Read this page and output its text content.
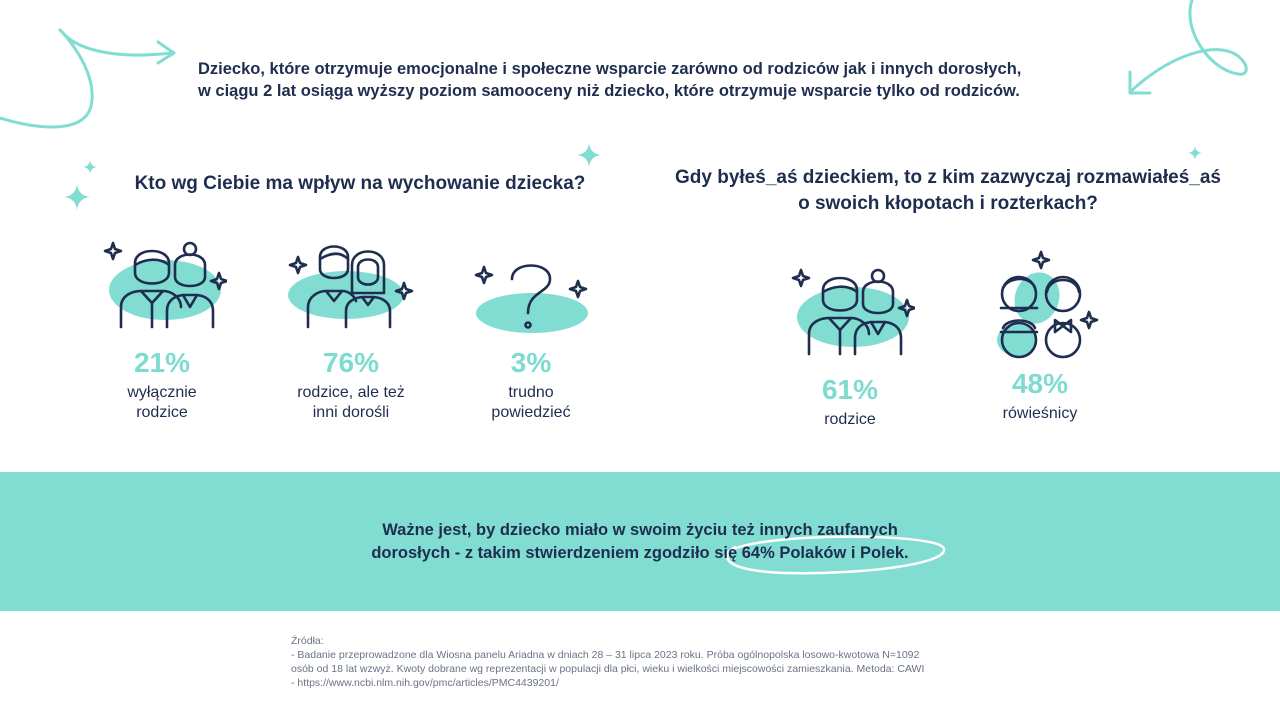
Dziecko, które otrzymuje emocjonalne i społeczne wsparcie zarówno od rodziców jak i innych dorosłych,
w ciągu 2 lat osiąga wyższy poziom samooceny niż dziecko, które otrzymuje wsparcie tylko od rodziców.
Kto wg Ciebie ma wpływ na wychowanie dziecka?	Gdy byłeś_aś dzieckiem, to z kim zazwyczaj rozmawiałeś_aś
o swoich kłopotach i rozterkach?
21%
wyłącznie
rodzice
76%
rodzice, ale też
inni dorośli
3%
trudno
powiedzieć
61%
rodzice
48%
rówieśnicy
Ważne jest, by dziecko miało w swoim życiu też innych zaufanych
dorosłych - z takim stwierdzeniem zgodziło się 64% Polaków i Polek.
Źródła:
- Badanie przeprowadzone dla Wiosna panelu Ariadna w dniach 28 – 31 lipca 2023 roku. Próba ogólnopolska losowo-kwotowa N=1092
osób od 18 lat wzwyż. Kwoty dobrane wg reprezentacji w populacji dla płci, wieku i wielkości miejscowości zamieszkania. Metoda: CAWI
- https://www.ncbi.nlm.nih.gov/pmc/articles/PMC4439201/
